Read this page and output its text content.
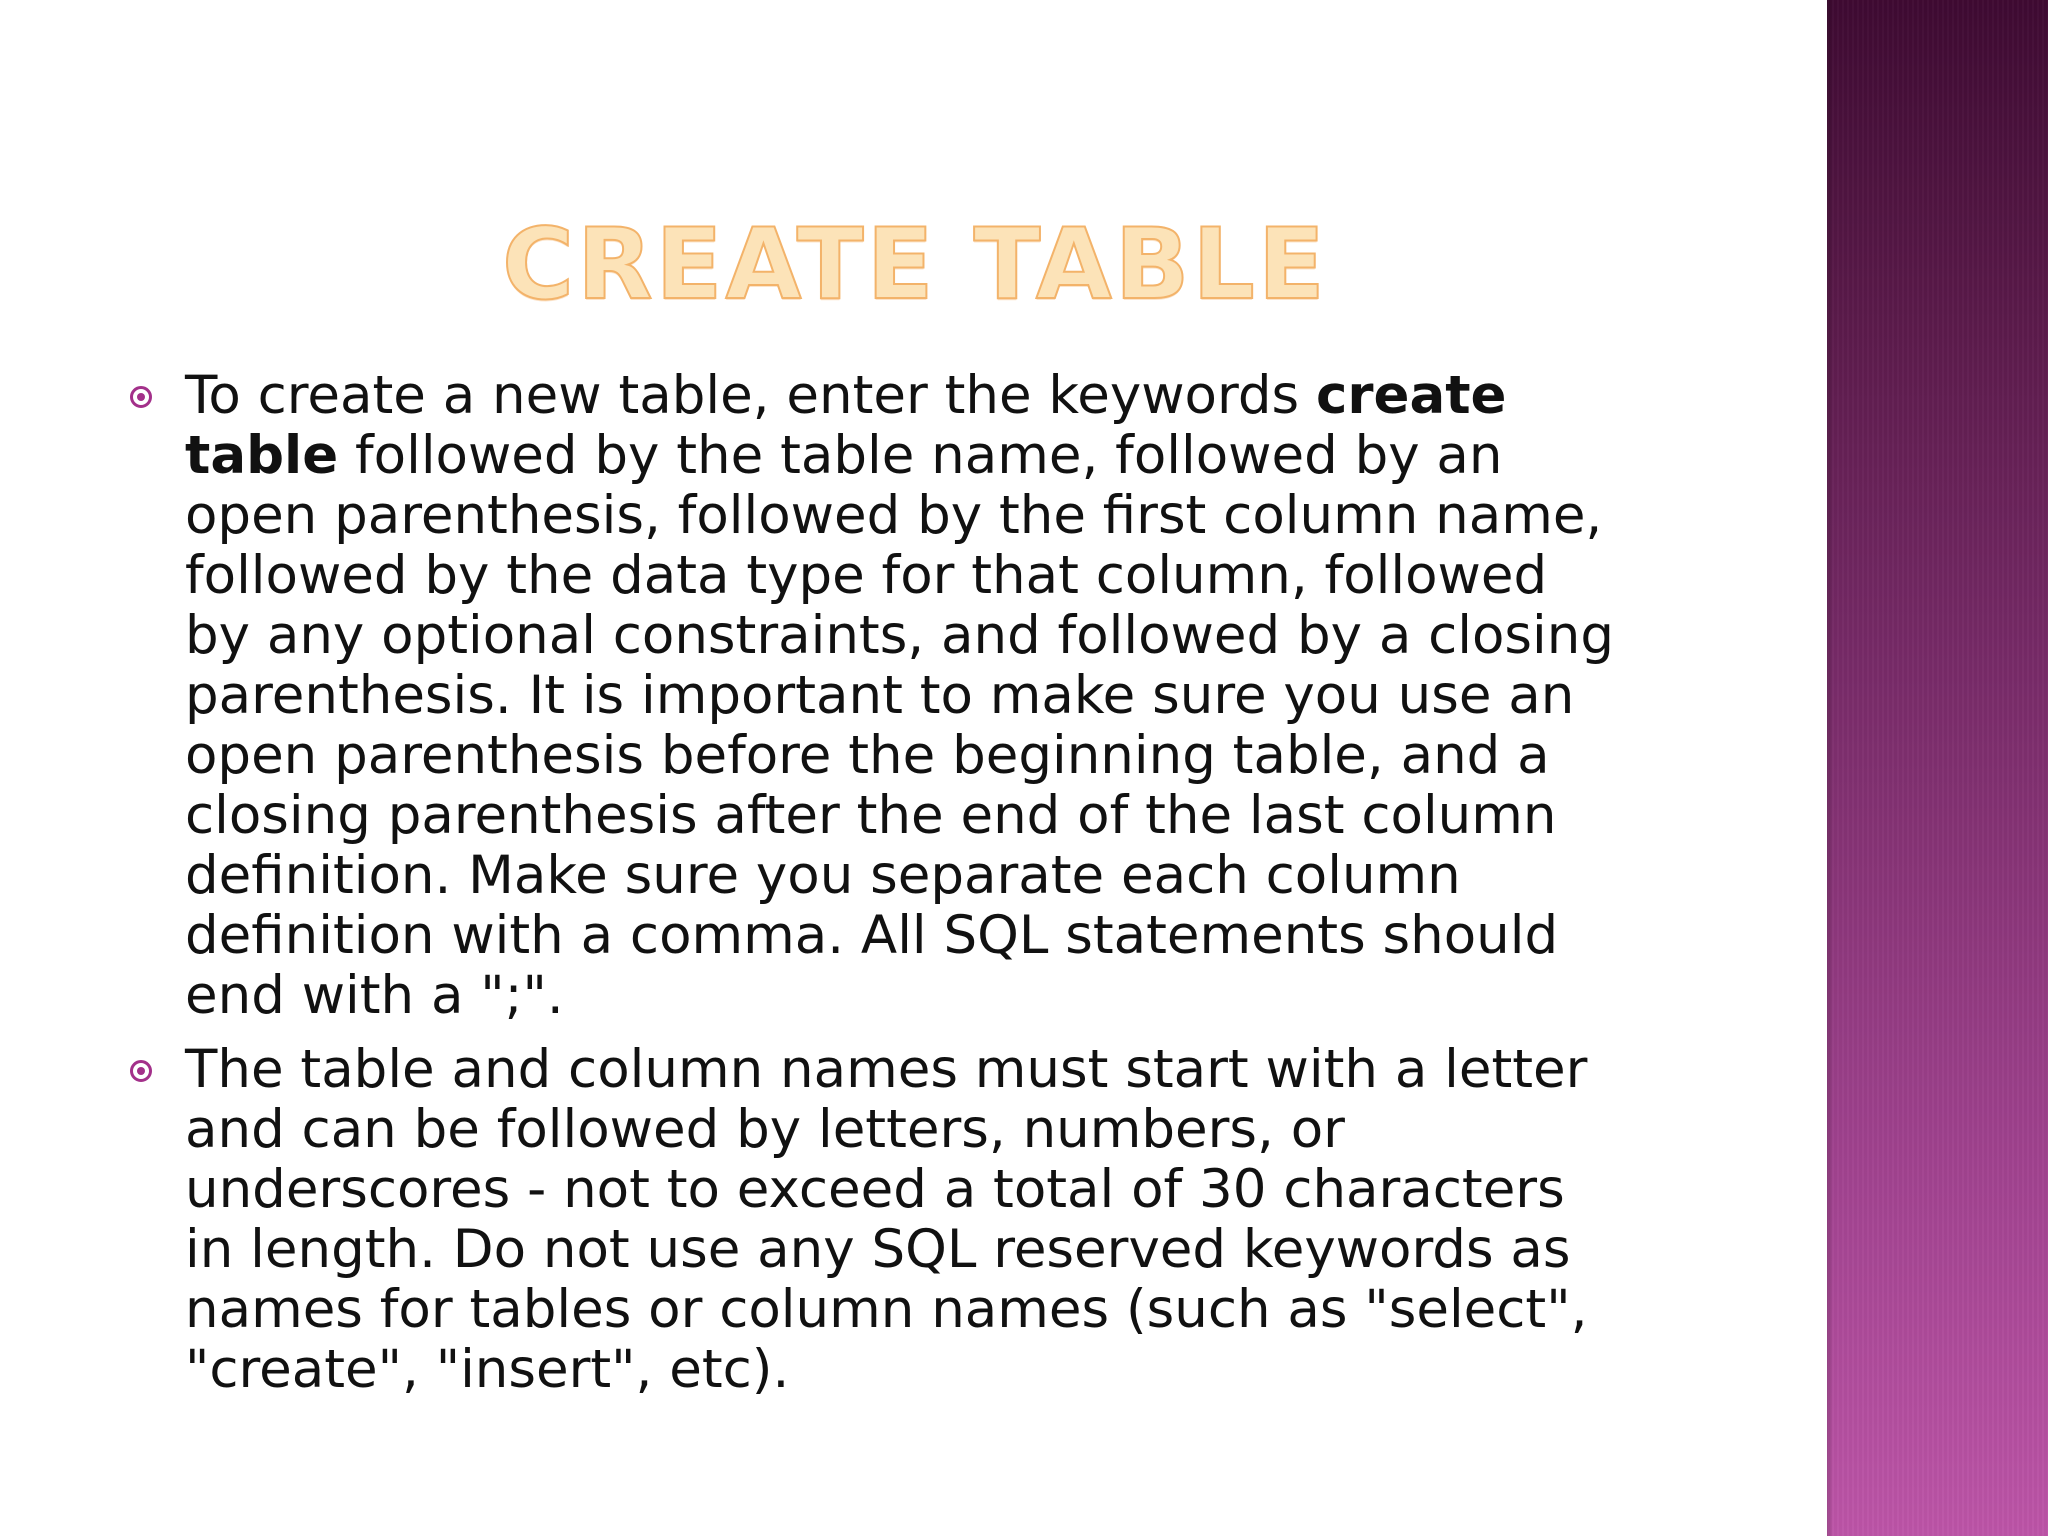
CREATE TABLE
To create a new table, enter the keywords create
table followed by the table name, followed by an
open parenthesis, followed by the first column name,
followed by the data type for that column, followed
by any optional constraints, and followed by a closing
parenthesis. It is important to make sure you use an
open parenthesis before the beginning table, and a
closing parenthesis after the end of the last column
definition. Make sure you separate each column
definition with a comma. All SQL statements should
end with a ";".
The table and column names must start with a letter
and can be followed by letters, numbers, or
underscores - not to exceed a total of 30 characters
in length. Do not use any SQL reserved keywords as
names for tables or column names (such as "select",
"create", "insert", etc).
